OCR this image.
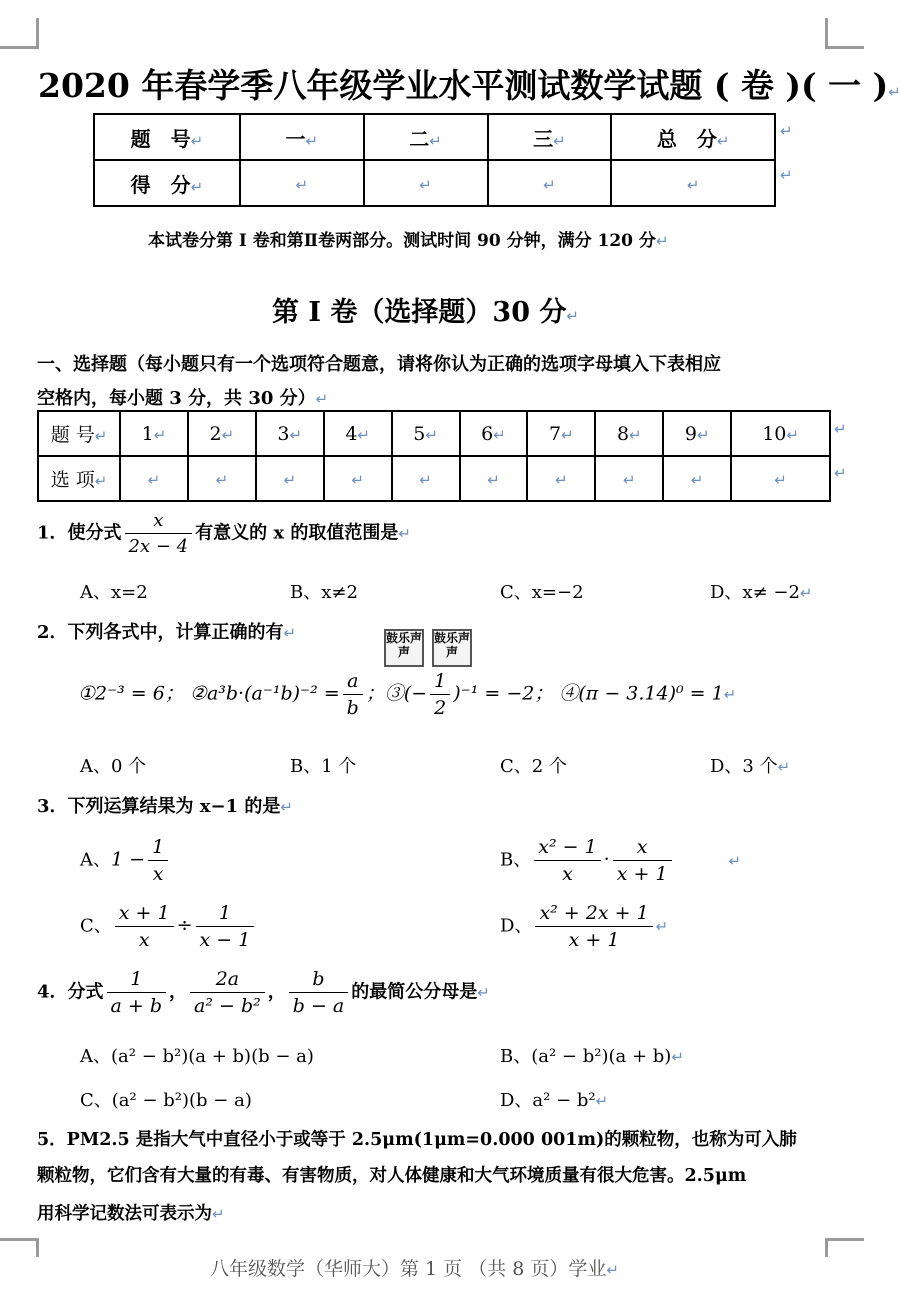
2020 年春学季八年级学业水平测试数学试题 ( 卷 )( 一 )↵
题　号↵	一↵	二↵	三↵	总　分↵
得　分↵	↵	↵	↵	↵
↵
↵
本试卷分第 I 卷和第Ⅱ卷两部分。测试时间 90 分钟，满分 120 分↵
第 I 卷（选择题）30 分↵
一、选择题（每小题只有一个选项符合题意，请将你认为正确的选项字母填入下表相应
空格内，每小题 3 分，共 30 分）↵
题 号↵	1↵	2↵	3↵	4↵	5↵	6↵	7↵	8↵	9↵	10↵
选 项↵	↵	↵	↵	↵	↵	↵	↵	↵	↵	↵
↵
↵
1．使分式 $\frac{x}{2x - 4}$ 有意义的 x 的取值范围是↵
A、x=2	B、x≠2	C、x=−2	D、x≠ −2↵
2．下列各式中，计算正确的有↵	鼓乐声声
鼓乐声声
①2⁻³ = 6； ②a³b·(a⁻¹b)⁻² = $\frac{a}{b}$ ；③(− $\frac{1}{2} )^{-1} = -2$； ④(π − 3.14)⁰ = 1↵
A、0 个	B、1 个	C、2 个	D、3 个↵
3．下列运算结果为 x−1 的是↵
A、$1 - \frac{1}{x}$	B、 $\frac{\text{x² − 1}}{x} \cdot \frac{x}{x + 1}$	↵
C、 $\frac{x + 1}{x} \div \frac{1}{x - 1}$	D、 $\frac{\text{x² + 2x + 1}}{x + 1}$ ↵
4．分式 $\frac{1}{a + b}$ ， $\frac{2a}{\text{a² − b²}}$ ， $\frac{b}{b - a}$ 的最简公分母是↵
A、(a² − b²)(a + b)(b − a)	B、(a² − b²)(a + b)↵
C、(a² − b²)(b − a)	D、a² − b²↵
5．PM2.5 是指大气中直径小于或等于 2.5μm(1μm=0.000 001m)的颗粒物，也称为可入肺
颗粒物，它们含有大量的有毒、有害物质，对人体健康和大气环境质量有很大危害。2.5μm
用科学记数法可表示为↵
八年级数学（华师大）第 1 页 （共 8 页）学业↵
